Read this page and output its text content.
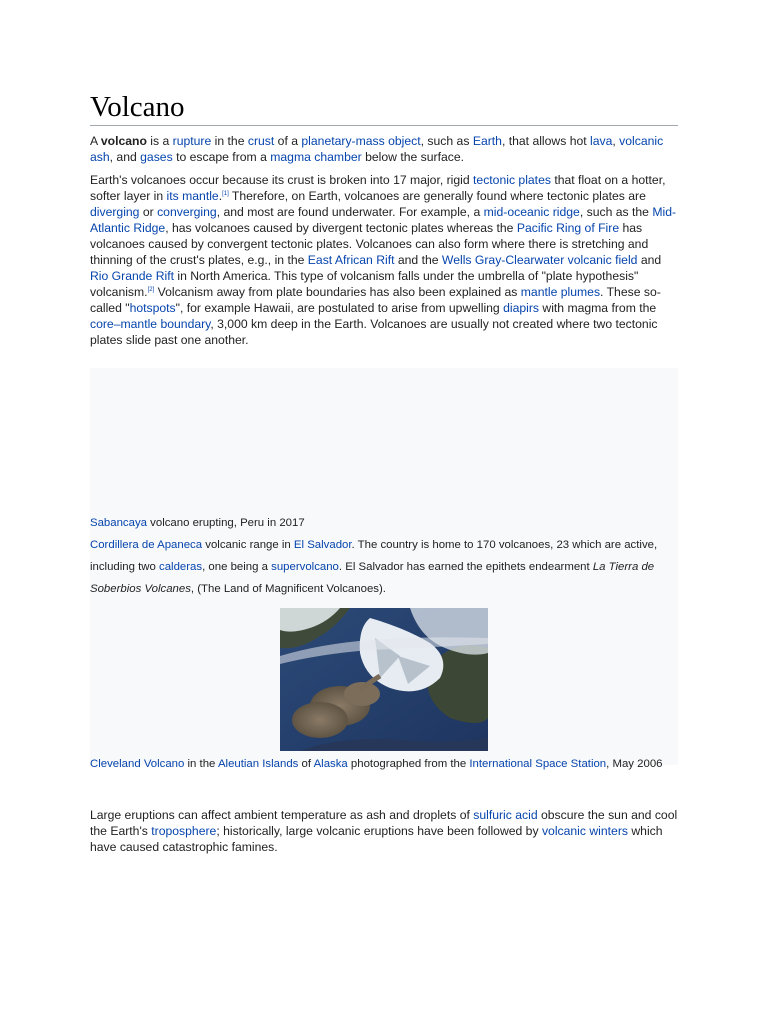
Volcano

A volcano is a rupture in the crust of a planetary-mass object, such as Earth, that allows hot lava, volcanic ash, and gases to escape from a magma chamber below the surface.

Earth's volcanoes occur because its crust is broken into 17 major, rigid tectonic plates that float on a hotter, softer layer in its mantle.[1] Therefore, on Earth, volcanoes are generally found where tectonic plates are diverging or converging, and most are found underwater. For example, a mid-oceanic ridge, such as the Mid-Atlantic Ridge, has volcanoes caused by divergent tectonic plates whereas the Pacific Ring of Fire has volcanoes caused by convergent tectonic plates. Volcanoes can also form where there is stretching and thinning of the crust's plates, e.g., in the East African Rift and the Wells Gray-Clearwater volcanic field and Rio Grande Rift in North America. This type of volcanism falls under the umbrella of "plate hypothesis" volcanism.[2] Volcanism away from plate boundaries has also been explained as mantle plumes. These so-called "hotspots", for example Hawaii, are postulated to arise from upwelling diapirs with magma from the core–mantle boundary, 3,000 km deep in the Earth. Volcanoes are usually not created where two tectonic plates slide past one another.

Sabancaya volcano erupting, Peru in 2017
Cordillera de Apaneca volcanic range in El Salvador. The country is home to 170 volcanoes, 23 which are active, including two calderas, one being a supervolcano. El Salvador has earned the epithets endearment La Tierra de Soberbios Volcanes, (The Land of Magnificent Volcanoes).
Cleveland Volcano in the Aleutian Islands of Alaska photographed from the International Space Station, May 2006

Large eruptions can affect ambient temperature as ash and droplets of sulfuric acid obscure the sun and cool the Earth's troposphere; historically, large volcanic eruptions have been followed by volcanic winters which have caused catastrophic famines.
